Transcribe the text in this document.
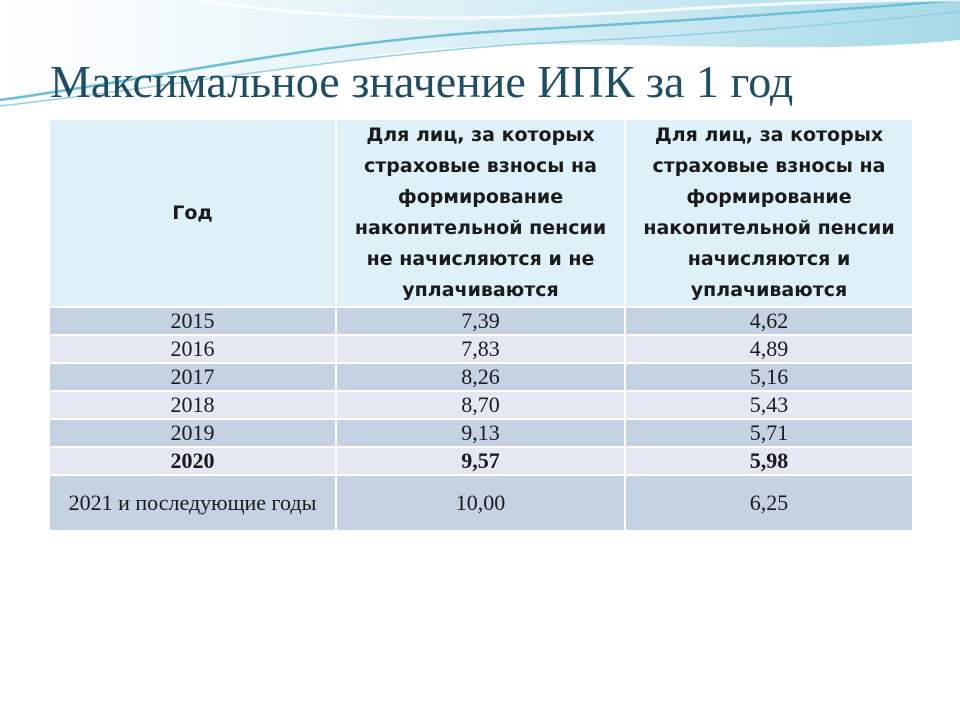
Максимальное значение ИПК за 1 год
Год	Для лиц, за которых страховые взносы на формирование накопительной пенсии не начисляются и не уплачиваются	Для лиц, за которых страховые взносы на формирование накопительной пенсии начисляются и уплачиваются
2015	7,39	4,62
2016	7,83	4,89
2017	8,26	5,16
2018	8,70	5,43
2019	9,13	5,71
2020	9,57	5,98
2021 и последующие годы	10,00	6,25
